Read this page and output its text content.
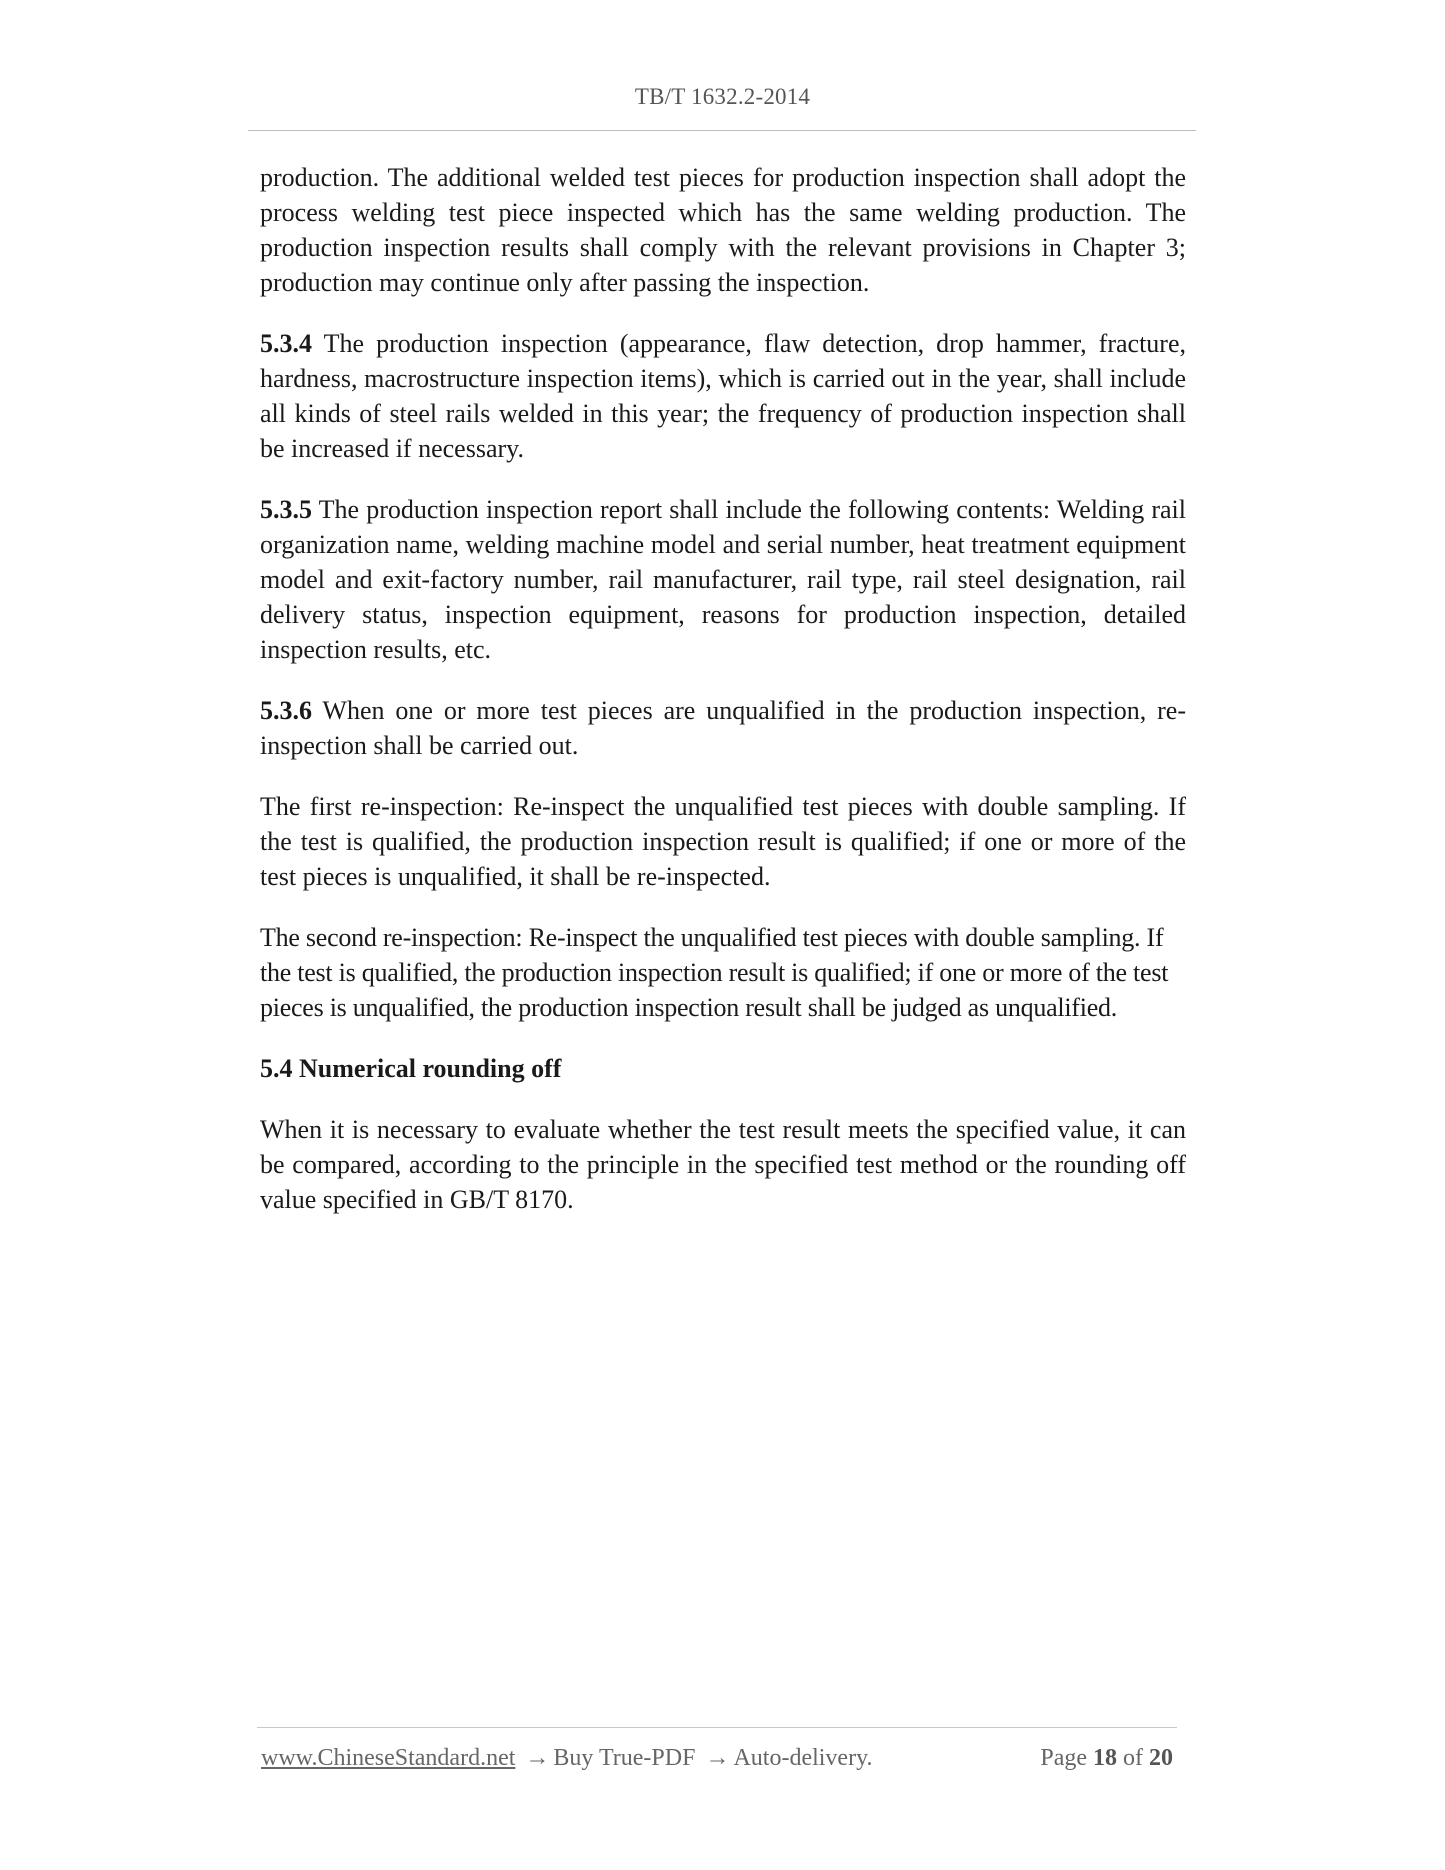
TB/T 1632.2-2014

production. The additional welded test pieces for production inspection shall adopt the process welding test piece inspected which has the same welding production. The production inspection results shall comply with the relevant provisions in Chapter 3; production may continue only after passing the inspection.

5.3.4 The production inspection (appearance, flaw detection, drop hammer, fracture, hardness, macrostructure inspection items), which is carried out in the year, shall include all kinds of steel rails welded in this year; the frequency of production inspection shall be increased if necessary.

5.3.5 The production inspection report shall include the following contents: Welding rail organization name, welding machine model and serial number, heat treatment equipment model and exit-factory number, rail manufacturer, rail type, rail steel designation, rail delivery status, inspection equipment, reasons for production inspection, detailed inspection results, etc.

5.3.6 When one or more test pieces are unqualified in the production inspection, re-inspection shall be carried out.

The first re-inspection: Re-inspect the unqualified test pieces with double sampling. If the test is qualified, the production inspection result is qualified; if one or more of the test pieces is unqualified, it shall be re-inspected.

The second re-inspection: Re-inspect the unqualified test pieces with double sampling. If the test is qualified, the production inspection result is qualified; if one or more of the test pieces is unqualified, the production inspection result shall be judged as unqualified.

5.4 Numerical rounding off

When it is necessary to evaluate whether the test result meets the specified value, it can be compared, according to the principle in the specified test method or the rounding off value specified in GB/T 8170.

www.ChineseStandard.net → Buy True-PDF → Auto-delivery.	Page 18 of 20
